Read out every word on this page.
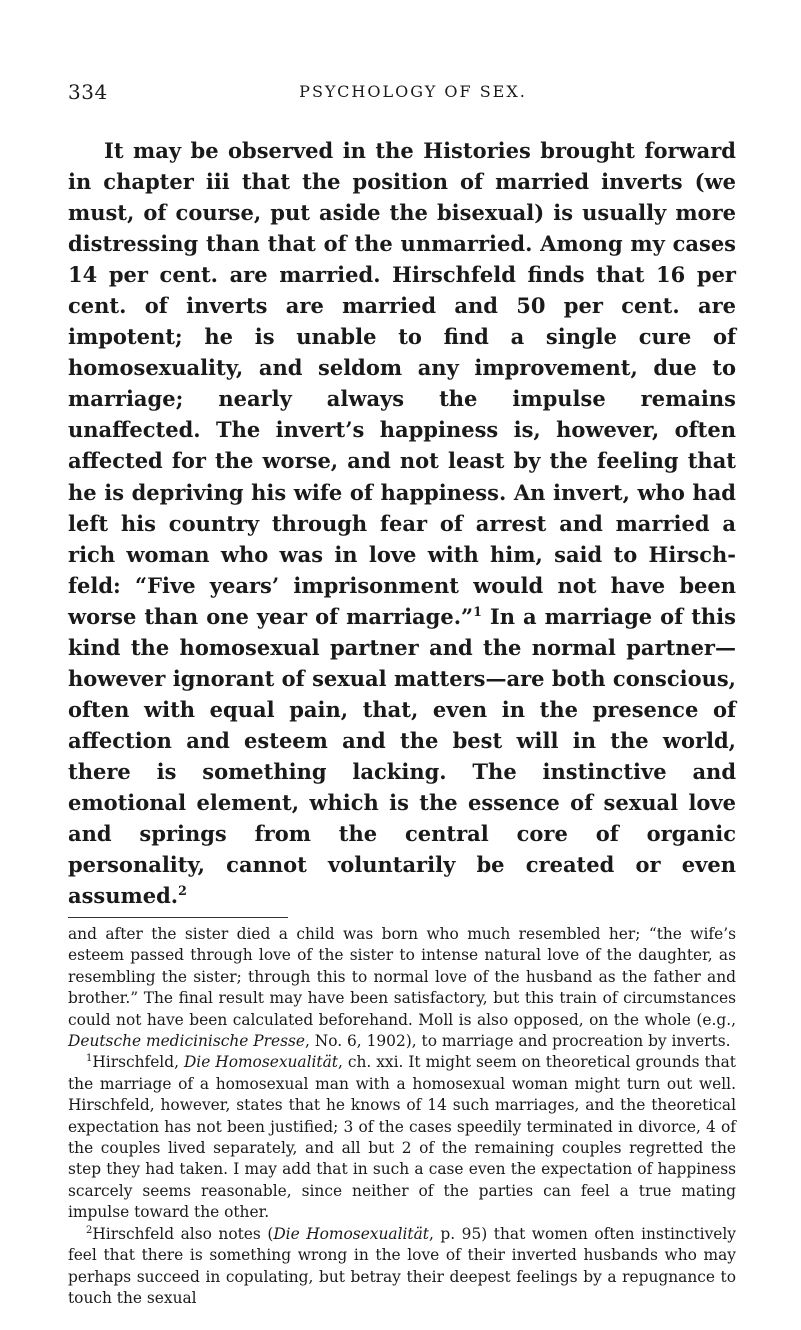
334	PSYCHOLOGY OF SEX.

It may be observed in the Histories brought forward in chapter iii that the position of married inverts (we must, of course, put aside the bisexual) is usually more distressing than that of the unmarried. Among my cases 14 per cent. are married. Hirschfeld finds that 16 per cent. of inverts are married and 50 per cent. are impotent; he is unable to find a single cure of homosexuality, and seldom any improvement, due to marriage; nearly always the impulse remains unaffected. The invert’s happiness is, however, often affected for the worse, and not least by the feeling that he is depriving his wife of happiness. An invert, who had left his country through fear of arrest and married a rich woman who was in love with him, said to Hirschfeld: “Five years’ imprisonment would not have been worse than one year of marriage.”$^1$ In a marriage of this kind the homosexual partner and the normal partner—however ignorant of sexual matters—are both conscious, often with equal pain, that, even in the presence of affection and esteem and the best will in the world, there is something lacking. The instinctive and emotional element, which is the essence of sexual love and springs from the central core of organic personality, cannot voluntarily be created or even assumed.$^2$

and after the sister died a child was born who much resembled her; “the wife’s esteem passed through love of the sister to intense natural love of the daughter, as resembling the sister; through this to normal love of the husband as the father and brother.” The final result may have been satisfactory, but this train of circumstances could not have been calculated beforehand. Moll is also opposed, on the whole (e.g., Deutsche medicinische Presse, No. 6, 1902), to marriage and procreation by inverts.

$^1$Hirschfeld, Die Homosexualität, ch. xxi. It might seem on theoretical grounds that the marriage of a homosexual man with a homosexual woman might turn out well. Hirschfeld, however, states that he knows of 14 such marriages, and the theoretical expectation has not been justified; 3 of the cases speedily terminated in divorce, 4 of the couples lived separately, and all but 2 of the remaining couples regretted the step they had taken. I may add that in such a case even the expectation of happiness scarcely seems reasonable, since neither of the parties can feel a true mating impulse toward the other.

$^2$Hirschfeld also notes (Die Homosexualität, p. 95) that women often instinctively feel that there is something wrong in the love of their inverted husbands who may perhaps succeed in copulating, but betray their deepest feelings by a repugnance to touch the sexual
